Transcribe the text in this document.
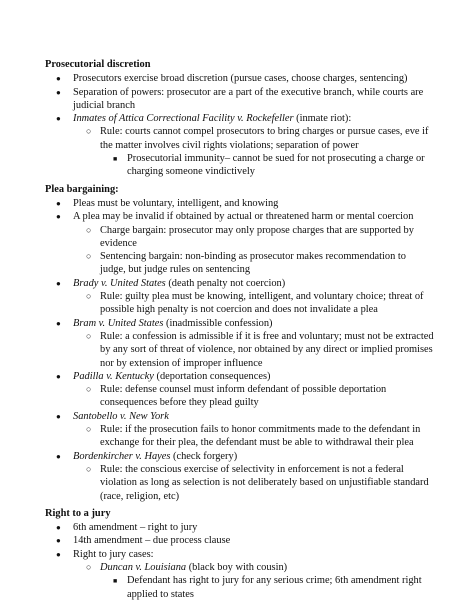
Prosecutorial discretion
●
Prosecutors exercise broad discretion (pursue cases, choose charges, sentencing)
●
Separation of powers: prosecutor are a part of the executive branch, while courts are judicial branch
●
Inmates of Attica Correctional Facility v. Rockefeller (inmate riot):
○
Rule: courts cannot compel prosecutors to bring charges or pursue cases, eve if the matter involves civil rights violations; separation of power
■
Prosecutorial immunity– cannot be sued for not prosecuting a charge or charging someone vindictively
Plea bargaining:
●
Pleas must be voluntary, intelligent, and knowing
●
A plea may be invalid if obtained by actual or threatened harm or mental coercion
○
Charge bargain: prosecutor may only propose charges that are supported by evidence
○
Sentencing bargain: non-binding as prosecutor makes recommendation to judge, but judge rules on sentencing
●
Brady v. United States (death penalty not coercion)
○
Rule: guilty plea must be knowing, intelligent, and voluntary choice; threat of possible high penalty is not coercion and does not invalidate a plea
●
Bram v. United States (inadmissible confession)
○
Rule: a confession is admissible if it is free and voluntary; must not be extracted by any sort of threat of violence, nor obtained by any direct or implied promises nor by extension of improper influence
●
Padilla v. Kentucky (deportation consequences)
○
Rule: defense counsel must inform defendant of possible deportation consequences before they plead guilty
●
Santobello v. New York
○
Rule: if the prosecution fails to honor commitments made to the defendant in exchange for their plea, the defendant must be able to withdrawal their plea
●
Bordenkircher v. Hayes (check forgery)
○
Rule: the conscious exercise of selectivity in enforcement is not a federal violation as long as selection is not deliberately based on unjustifiable standard (race, religion, etc)
Right to a jury
●
6th amendment – right to jury
●
14th amendment – due process clause
●
Right to jury cases:
○
Duncan v. Louisiana (black boy with cousin)
■
Defendant has right to jury for any serious crime; 6th amendment right applied to states
